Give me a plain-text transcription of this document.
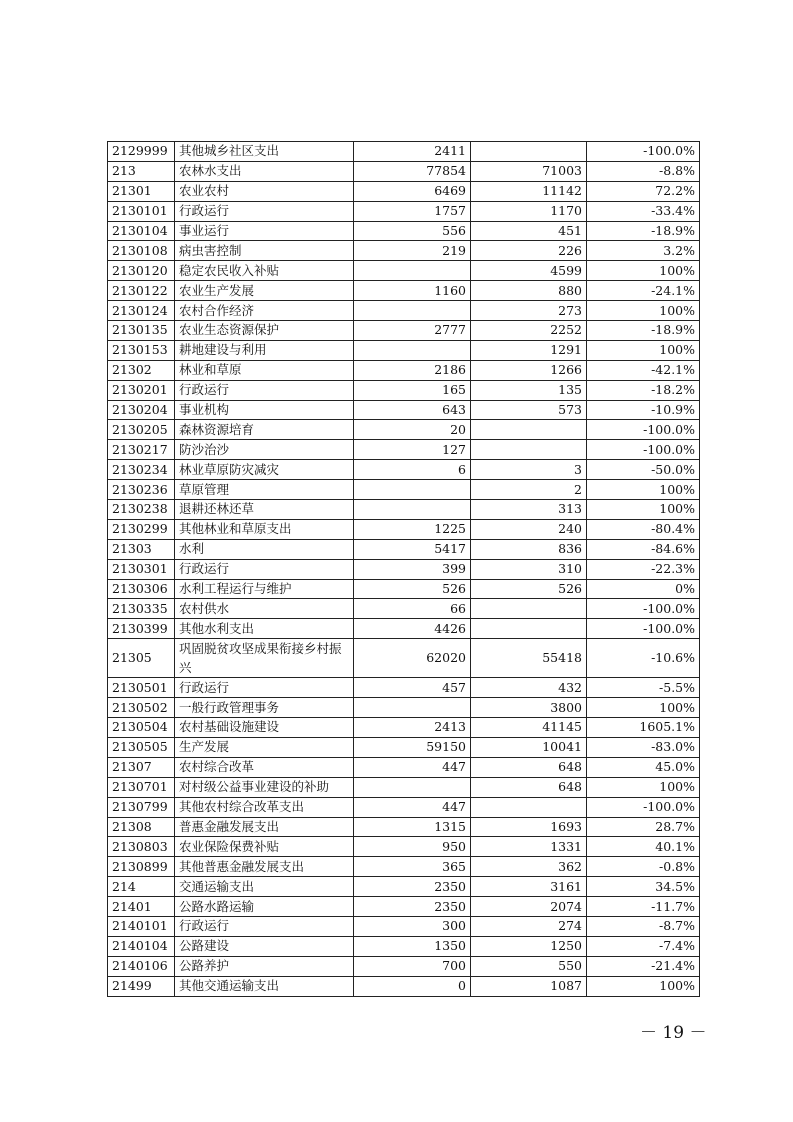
2129999	其他城乡社区支出	2411		-100.0%
213	农林水支出	77854	71003	-8.8%
21301	农业农村	6469	11142	72.2%
2130101	行政运行	1757	1170	-33.4%
2130104	事业运行	556	451	-18.9%
2130108	病虫害控制	219	226	3.2%
2130120	稳定农民收入补贴		4599	100%
2130122	农业生产发展	1160	880	-24.1%
2130124	农村合作经济		273	100%
2130135	农业生态资源保护	2777	2252	-18.9%
2130153	耕地建设与利用		1291	100%
21302	林业和草原	2186	1266	-42.1%
2130201	行政运行	165	135	-18.2%
2130204	事业机构	643	573	-10.9%
2130205	森林资源培育	20		-100.0%
2130217	防沙治沙	127		-100.0%
2130234	林业草原防灾减灾	6	3	-50.0%
2130236	草原管理		2	100%
2130238	退耕还林还草		313	100%
2130299	其他林业和草原支出	1225	240	-80.4%
21303	水利	5417	836	-84.6%
2130301	行政运行	399	310	-22.3%
2130306	水利工程运行与维护	526	526	0%
2130335	农村供水	66		-100.0%
2130399	其他水利支出	4426		-100.0%
21305	巩固脱贫攻坚成果衔接乡村振兴	62020	55418	-10.6%
2130501	行政运行	457	432	-5.5%
2130502	一般行政管理事务		3800	100%
2130504	农村基础设施建设	2413	41145	1605.1%
2130505	生产发展	59150	10041	-83.0%
21307	农村综合改革	447	648	45.0%
2130701	对村级公益事业建设的补助		648	100%
2130799	其他农村综合改革支出	447		-100.0%
21308	普惠金融发展支出	1315	1693	28.7%
2130803	农业保险保费补贴	950	1331	40.1%
2130899	其他普惠金融发展支出	365	362	-0.8%
214	交通运输支出	2350	3161	34.5%
21401	公路水路运输	2350	2074	-11.7%
2140101	行政运行	300	274	-8.7%
2140104	公路建设	1350	1250	-7.4%
2140106	公路养护	700	550	-21.4%
21499	其他交通运输支出	0	1087	100%
－ 19 －
